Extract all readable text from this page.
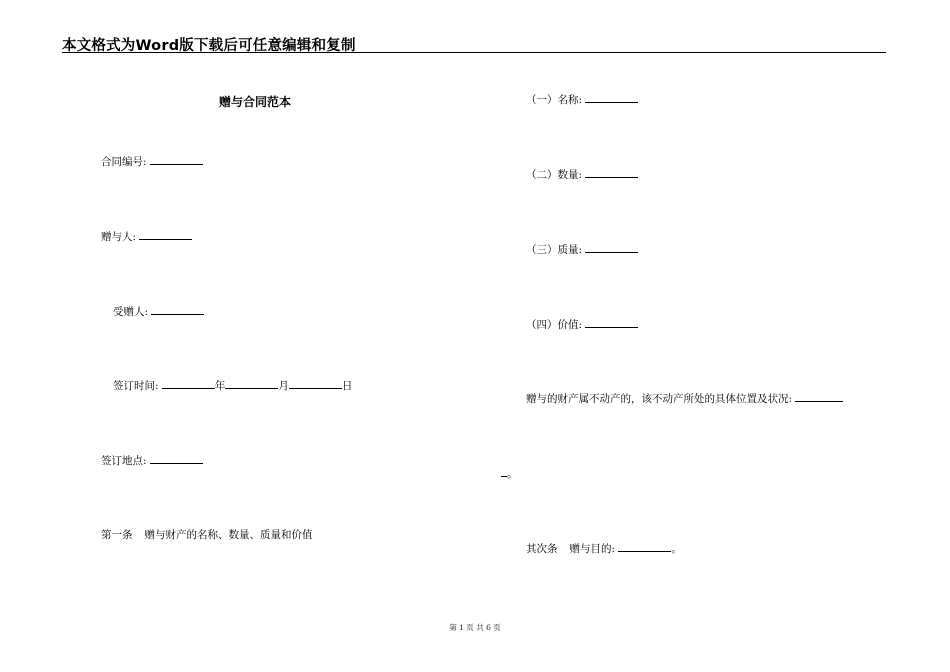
本文格式为Word版下载后可任意编辑和复制
赠与合同范本
合同编号:
赠与人:
受赠人:
签订时间:	年	月	日
签订地点:
第一条 赠与财产的名称、数量、质量和价值
（一）名称:
（二）数量:
（三）质量:
（四）价值:
赠与的财产属不动产的，该不动产所处的具体位置及状况:
。
其次条 赠与目的:	。
第 1 页 共 6 页
